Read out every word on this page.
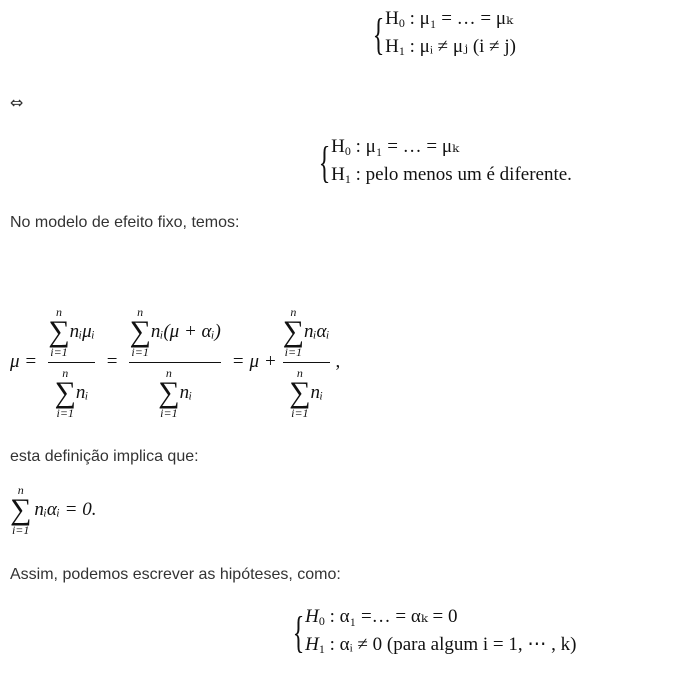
{ $H_0$ : μ₁ = … = μₖ
$H_1$ : μᵢ ≠ μⱼ (i ≠ j)
⇔
{ $H_0$ : μ₁ = … = μₖ
$H_1$ : pelo menos um é diferente.
No modelo de efeito fixo, temos:
μ = n
∑
i=1
nᵢμᵢ
n
∑
i=1
nᵢ = n
∑
i=1
nᵢ(μ + αᵢ)
n
∑
i=1
nᵢ = μ + n
∑
i=1
nᵢαᵢ
n
∑
i=1
nᵢ ,
esta definição implica que:
n
∑
i=1
nᵢαᵢ = 0.
Assim, podemos escrever as hipóteses, como:
{ $H_0$ : α₁ =… = αₖ = 0
$H_1$ : αᵢ ≠ 0 (para algum i = 1, ⋯ , k)
